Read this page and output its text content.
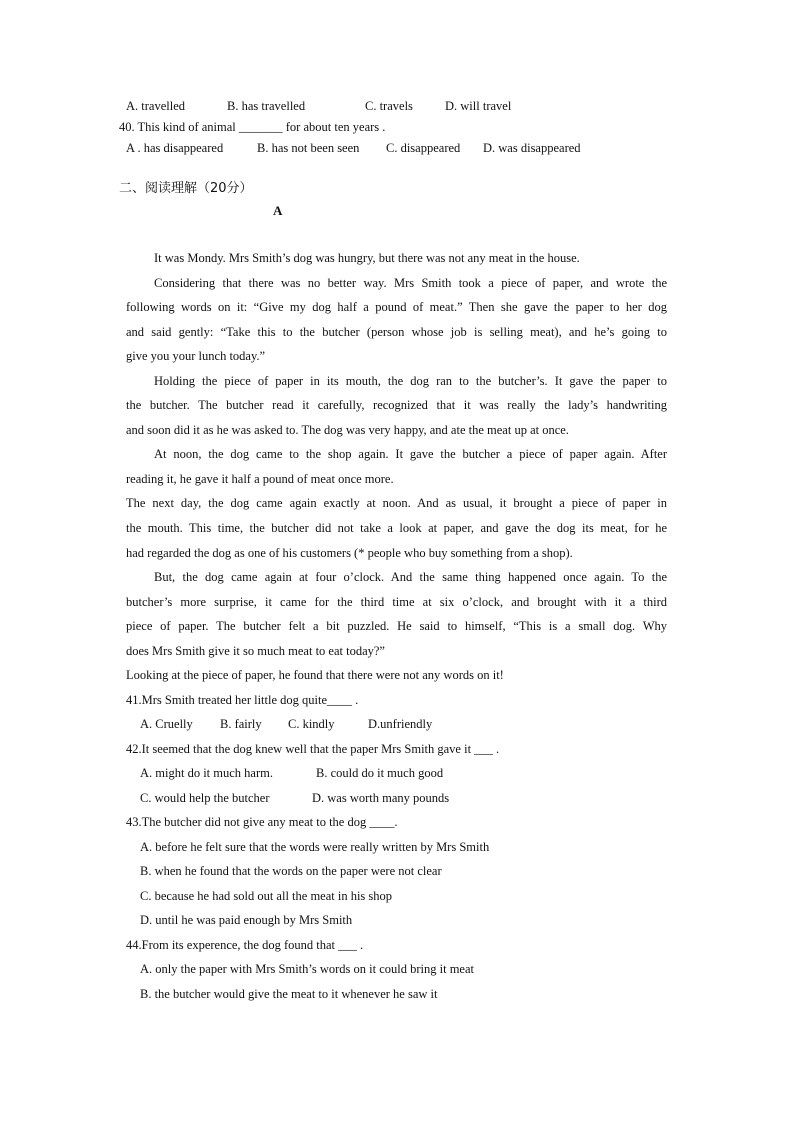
A. travelled	B. has travelled	C. travels	D. will travel
40. This kind of animal _______ for about ten years .
A . has disappeared	B. has not been seen C. disappeared D. was disappeared
二、阅读理解（20分）
A
It was Mondy. Mrs Smith’s dog was hungry, but there was not any meat in the house.
Considering that there was no better way. Mrs Smith took a piece of paper, and wrote the
following words on it: “Give my dog half a pound of meat.” Then she gave the paper to her dog
and said gently: “Take this to the butcher (person whose job is selling meat), and he’s going to
give you your lunch today.”
Holding the piece of paper in its mouth, the dog ran to the butcher’s. It gave the paper to
the butcher. The butcher read it carefully, recognized that it was really the lady’s handwriting
and soon did it as he was asked to. The dog was very happy, and ate the meat up at once.
At noon, the dog came to the shop again. It gave the butcher a piece of paper again. After
reading it, he gave it half a pound of meat once more.
The next day, the dog came again exactly at noon. And as usual, it brought a piece of paper in
the mouth. This time, the butcher did not take a look at paper, and gave the dog its meat, for he
had regarded the dog as one of his customers (* people who buy something from a shop).
But, the dog came again at four o’clock. And the same thing happened once again. To the
butcher’s more surprise, it came for the third time at six o’clock, and brought with it a third
piece of paper. The butcher felt a bit puzzled. He said to himself, “This is a small dog. Why
does Mrs Smith give it so much meat to eat today?”
Looking at the piece of paper, he found that there were not any words on it!
41.Mrs Smith treated her little dog quite____ .
A. Cruelly B. fairly C. kindly	D.unfriendly
42.It seemed that the dog knew well that the paper Mrs Smith gave it ___ .
A. might do it much harm.	B. could do it much good
C. would help the butcher	D. was worth many pounds
43.The butcher did not give any meat to the dog ____.
A. before he felt sure that the words were really written by Mrs Smith
B. when he found that the words on the paper were not clear
C. because he had sold out all the meat in his shop
D. until he was paid enough by Mrs Smith
44.From its experence, the dog found that ___ .
A. only the paper with Mrs Smith’s words on it could bring it meat
B. the butcher would give the meat to it whenever he saw it
